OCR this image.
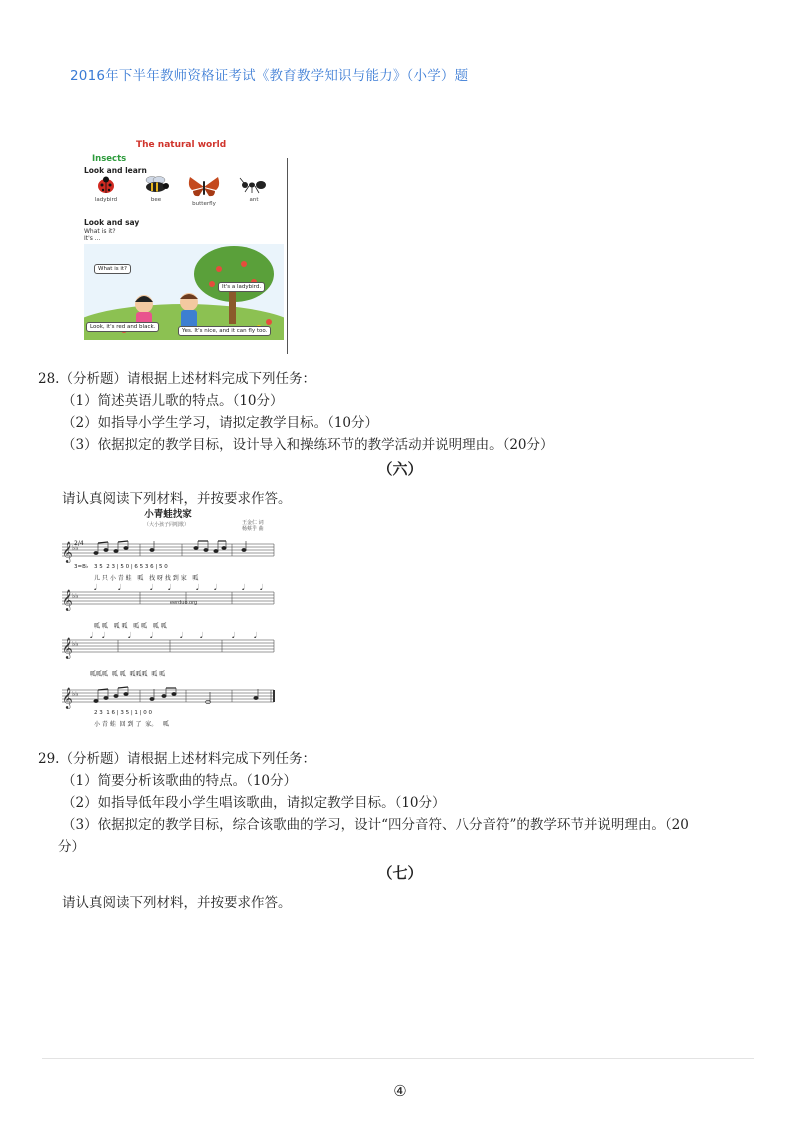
2016年下半年教师资格证考试《教育教学知识与能力》（小学）题
The natural world
Insects
Look and learn
ladybird	bee
butterfly
ant
Look and say
What is it?
It's ...
What is it?
It's a ladybird.
Look, it's red and black.
Yes. It's nice, and it can fly too.
28.（分析题）请根据上述材料完成下列任务：
（1）简述英语儿歌的特点。（10分）
（2）如指导小学生学习，请拟定教学目标。（10分）
（3）依据拟定的教学目标，设计导入和操练环节的教学活动并说明理由。（20分）
（六）
请认真阅读下列材料，并按要求作答。
小青蛙找家
（大小孩子同唱歌）	王金仁 词
杨蔡乎 曲
𝄞
𝄞
𝄞
𝄞
♭♭
♭♭
♭♭
♭♭
𝅘𝅥	𝅘𝅥	𝅘𝅥 𝅘𝅥	𝅘𝅥 𝅘𝅥	𝅘𝅥 𝅘𝅥
𝅘𝅥 𝅘𝅥	𝅘𝅥 𝅘𝅥	𝅘𝅥 𝅘𝅥	𝅘𝅥 𝅘𝅥
2/4
3=B♭ 3 5  2 3 | 5 0 | 6 5 3 6 | 5 0
儿 只 小 青 蛙   呱   找 呀 找 到 家   呱
eerduo.org
呱 呱   呱 呱   呱 呱   呱 呱
呱呱呱  呱 呱  呱呱呱  呱 呱
2 3  1 6 | 3 5 | 1 | 0 0
小 青 蛙  回 到 了  家。   呱
29.（分析题）请根据上述材料完成下列任务：
（1）简要分析该歌曲的特点。（10分）
（2）如指导低年段小学生唱该歌曲，请拟定教学目标。（10分）
（3）依据拟定的教学目标，综合该歌曲的学习，设计“四分音符、八分音符”的教学环节并说明理由。（20
分）
（七）
请认真阅读下列材料，并按要求作答。
④
